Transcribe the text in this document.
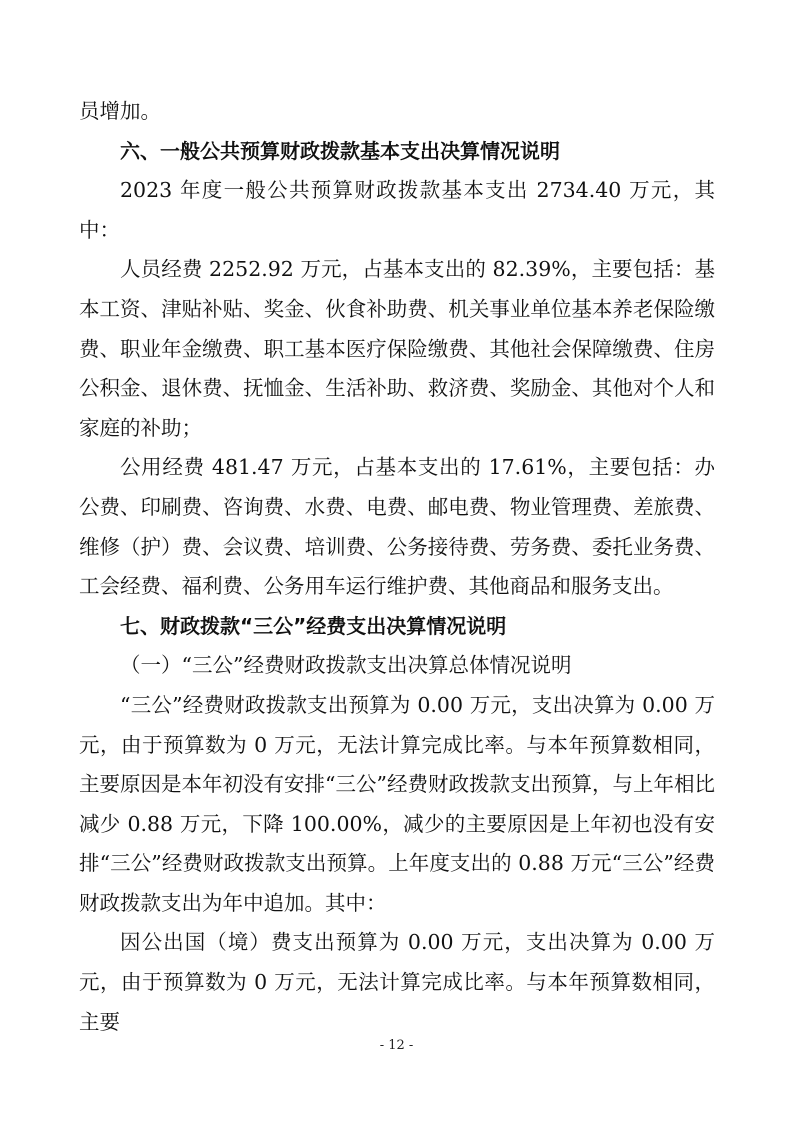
员增加。

六、一般公共预算财政拨款基本支出决算情况说明

2023 年度一般公共预算财政拨款基本支出 2734.40 万元，其中：

人员经费 2252.92 万元，占基本支出的 82.39%，主要包括：基本工资、津贴补贴、奖金、伙食补助费、机关事业单位基本养老保险缴费、职业年金缴费、职工基本医疗保险缴费、其他社会保障缴费、住房公积金、退休费、抚恤金、生活补助、救济费、奖励金、其他对个人和家庭的补助；

公用经费 481.47 万元，占基本支出的 17.61%，主要包括：办公费、印刷费、咨询费、水费、电费、邮电费、物业管理费、差旅费、维修（护）费、会议费、培训费、公务接待费、劳务费、委托业务费、工会经费、福利费、公务用车运行维护费、其他商品和服务支出。

七、财政拨款“三公”经费支出决算情况说明

（一）“三公”经费财政拨款支出决算总体情况说明

“三公”经费财政拨款支出预算为 0.00 万元，支出决算为 0.00 万元，由于预算数为 0 万元，无法计算完成比率。与本年预算数相同，主要原因是本年初没有安排“三公”经费财政拨款支出预算，与上年相比减少 0.88 万元，下降 100.00%，减少的主要原因是上年初也没有安排“三公”经费财政拨款支出预算。上年度支出的 0.88 万元“三公”经费财政拨款支出为年中追加。其中：

因公出国（境）费支出预算为 0.00 万元，支出决算为 0.00 万元，由于预算数为 0 万元，无法计算完成比率。与本年预算数相同，主要

- 12 -
